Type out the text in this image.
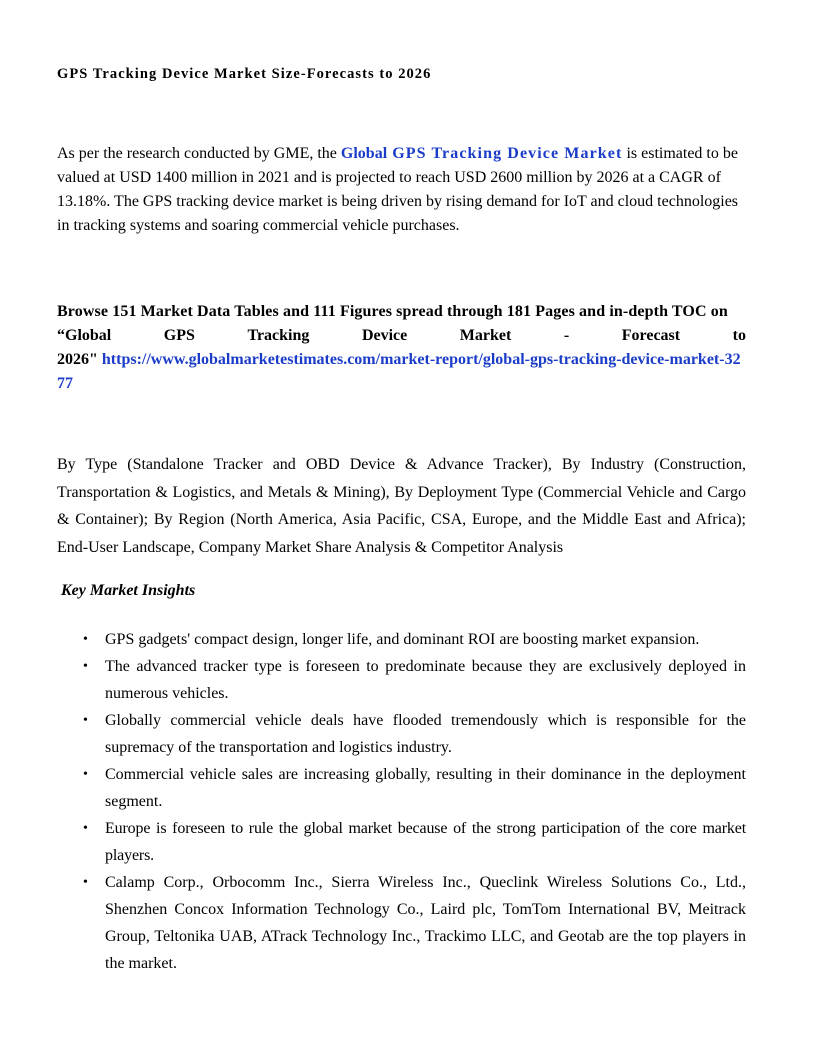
GPS Tracking Device Market Size-Forecasts to 2026

As per the research conducted by GME, the Global GPS Tracking Device Market is estimated to be valued at USD 1400 million in 2021 and is projected to reach USD 2600 million by 2026 at a CAGR of 13.18%. The GPS tracking device market is being driven by rising demand for IoT and cloud technologies in tracking systems and soaring commercial vehicle purchases.

Browse 151 Market Data Tables and 111 Figures spread through 181 Pages and in-depth TOC on
“Global	GPS	Tracking	Device	Market	-	Forecast	to
2026" https://www.globalmarketestimates.com/market-report/global-gps-tracking-device-market-3277

By Type (Standalone Tracker and OBD Device & Advance Tracker), By Industry (Construction, Transportation & Logistics, and Metals & Mining), By Deployment Type (Commercial Vehicle and Cargo & Container); By Region (North America, Asia Pacific, CSA, Europe, and the Middle East and Africa); End-User Landscape, Company Market Share Analysis & Competitor Analysis

Key Market Insights
• GPS gadgets' compact design, longer life, and dominant ROI are boosting market expansion.
• The advanced tracker type is foreseen to predominate because they are exclusively deployed in numerous vehicles.
• Globally commercial vehicle deals have flooded tremendously which is responsible for the supremacy of the transportation and logistics industry.
• Commercial vehicle sales are increasing globally, resulting in their dominance in the deployment segment.
• Europe is foreseen to rule the global market because of the strong participation of the core market players.
• Calamp Corp., Orbocomm Inc., Sierra Wireless Inc., Queclink Wireless Solutions Co., Ltd., Shenzhen Concox Information Technology Co., Laird plc, TomTom International BV, Meitrack Group, Teltonika UAB, ATrack Technology Inc., Trackimo LLC, and Geotab are the top players in the market.
